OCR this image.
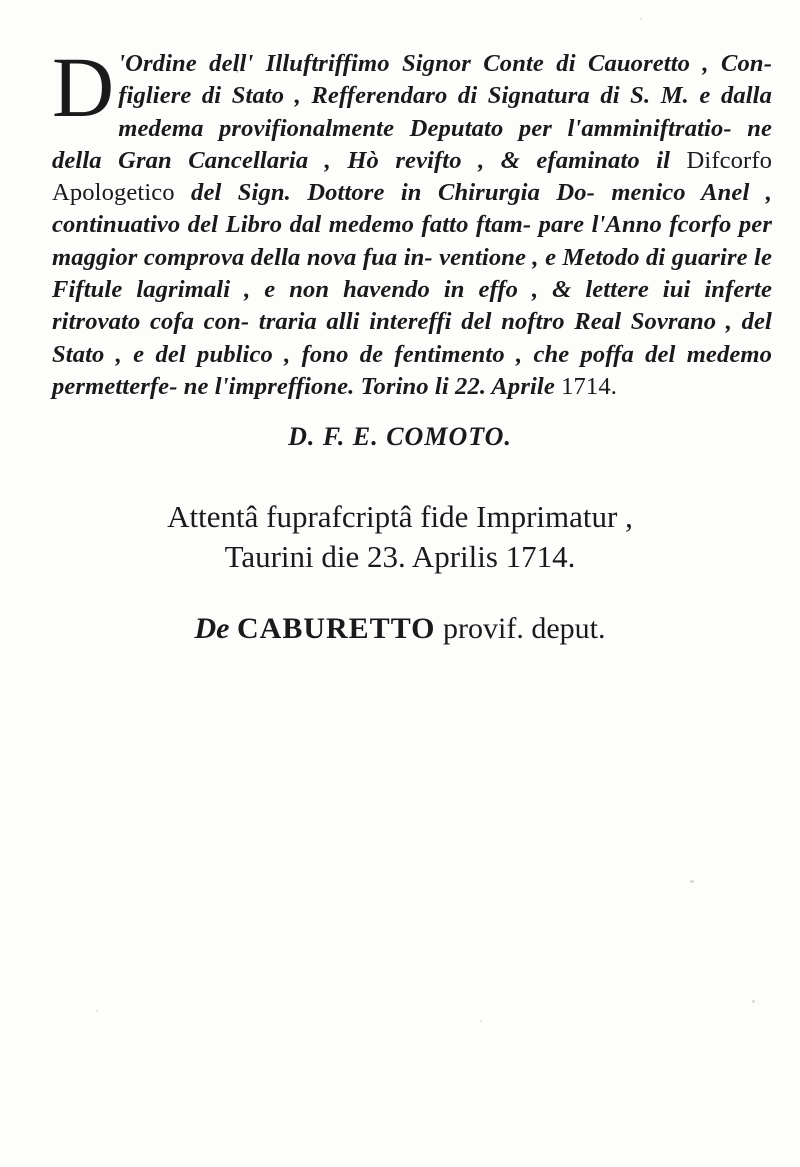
D 'Ordine dell' Illuftriffimo Signor Conte di Cauoretto , Con- figliere di Stato , Refferendaro di Signatura di S. M. e dalla medema provifionalmente Deputato per l'amminiftratio- ne della Gran Cancellaria , Hò revifto , & efaminato il Difcorfo Apologetico del Sign. Dottore in Chirurgia Do- menico Anel , continuativo del Libro dal medemo fatto ftam- pare l'Anno fcorfo per maggior comprova della nova fua in- ventione , e Metodo di guarire le Fiftule lagrimali , e non havendo in effo , & lettere iui inferte ritrovato cofa con- traria alli intereffi del noftro Real Sovrano , del Stato , e del publico , fono de fentimento , che poffa del medemo permetterfe- ne l'impreffione. Torino li 22. Aprile 1714.
D. F. E. COMOTO.
Attentâ fuprafcriptâ fide Imprimatur ,
Taurini die 23. Aprilis 1714.
De CABURETTO provif. deput.
